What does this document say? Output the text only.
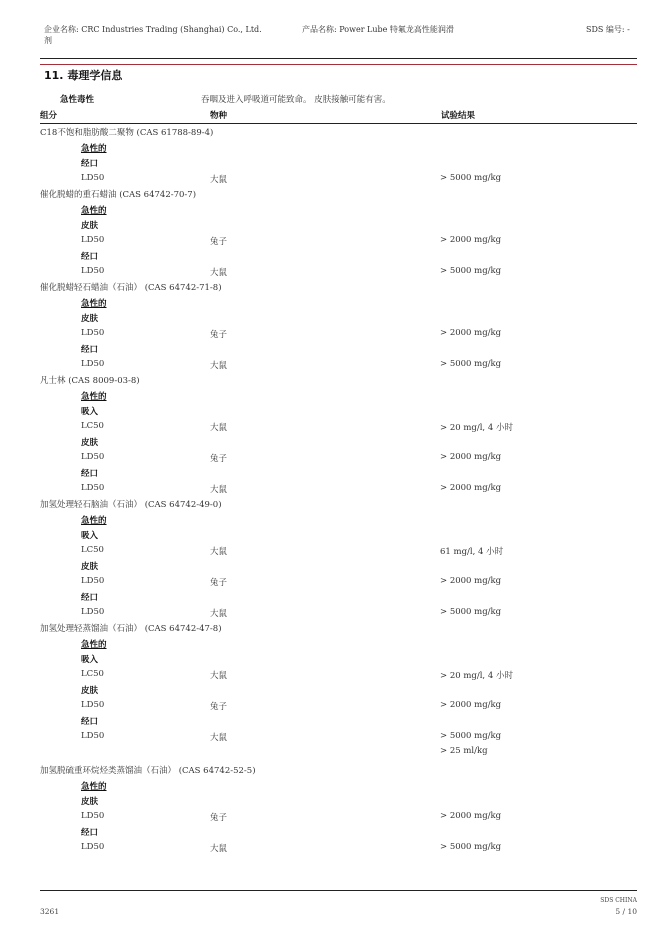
企业名称: CRC Industries Trading (Shanghai) Co., Ltd.
剂
产品名称: Power Lube 特氟龙高性能润滑	SDS 编号: -
11. 毒理学信息
急性毒性	吞咽及进入呼吸道可能致命。 皮肤接触可能有害。
组分	物种	试验结果
C18不饱和脂肪酸二聚物 (CAS 61788-89-4)
急性的
经口
LD50	大鼠	> 5000 mg/kg
催化脱蜡的重石蜡油 (CAS 64742-70-7)
急性的
皮肤
LD50	兔子	> 2000 mg/kg
经口
LD50	大鼠	> 5000 mg/kg
催化脱蜡轻石蜡油（石油） (CAS 64742-71-8)
急性的
皮肤
LD50	兔子	> 2000 mg/kg
经口
LD50	大鼠	> 5000 mg/kg
凡士林 (CAS 8009-03-8)
急性的
吸入
LC50	大鼠	> 20 mg/l, 4 小时
皮肤
LD50	兔子	> 2000 mg/kg
经口
LD50	大鼠	> 2000 mg/kg
加氢处理轻石脑油（石油） (CAS 64742-49-0)
急性的
吸入
LC50	大鼠	61 mg/l, 4 小时
皮肤
LD50	兔子	> 2000 mg/kg
经口
LD50	大鼠	> 5000 mg/kg
加氢处理轻蒸馏油（石油） (CAS 64742-47-8)
急性的
吸入
LC50	大鼠	> 20 mg/l, 4 小时
皮肤
LD50	兔子	> 2000 mg/kg
经口
LD50	大鼠	> 5000 mg/kg
> 25 ml/kg
加氢脱硫重环烷烃类蒸馏油（石油） (CAS 64742-52-5)
急性的
皮肤
LD50	兔子	> 2000 mg/kg
经口
LD50	大鼠	> 5000 mg/kg
3261
SDS CHINA
5 / 10
